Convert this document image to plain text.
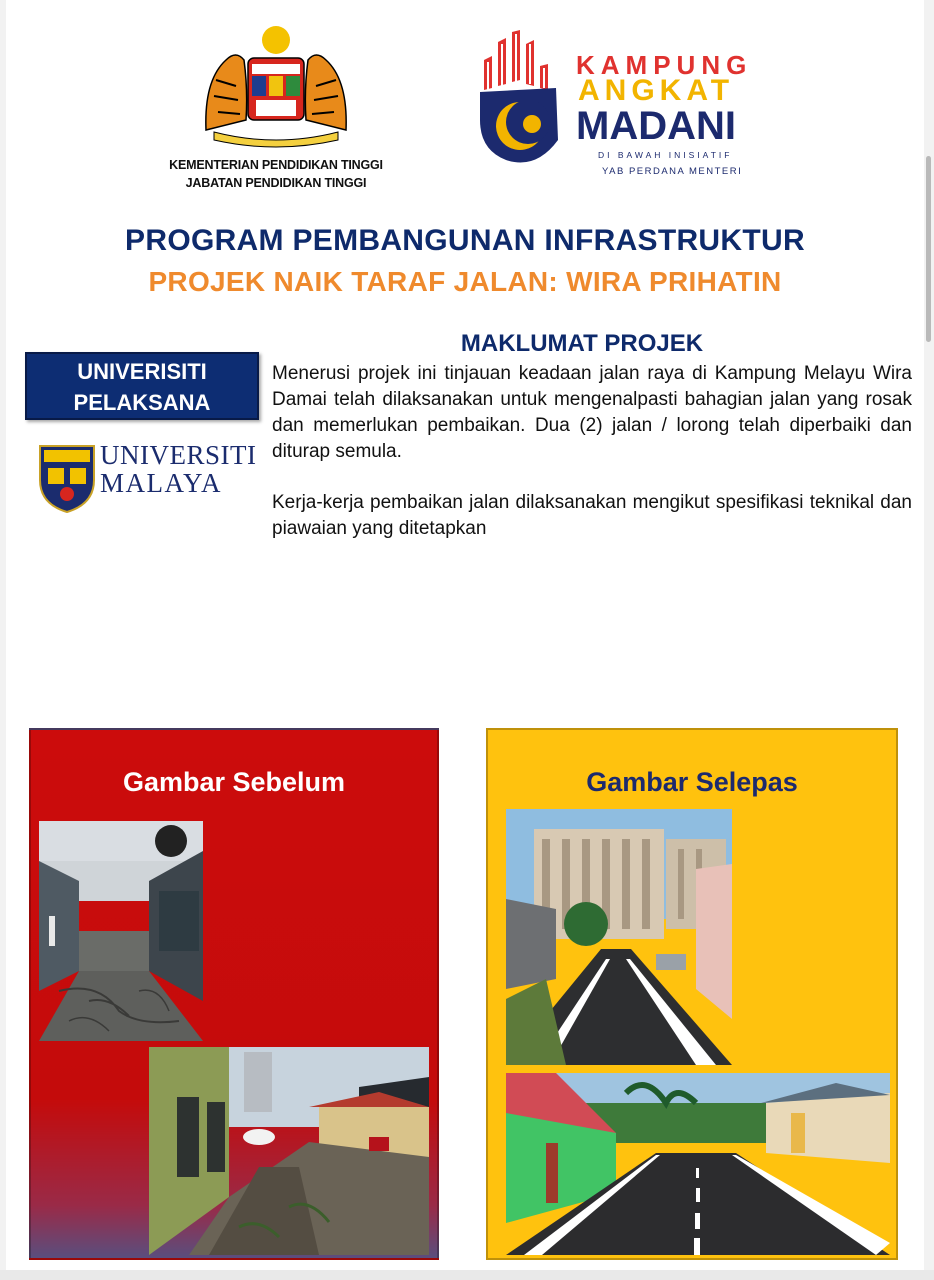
KEMENTERIAN PENDIDIKAN TINGGI
JABATAN PENDIDIKAN TINGGI
KAMPUNG
ANGKAT
MADANI
DI BAWAH INISIATIF
YAB PERDANA MENTERI
PROGRAM PEMBANGUNAN INFRASTRUKTUR
PROJEK NAIK TARAF JALAN: WIRA PRIHATIN
UNIVERISITI
PELAKSANA
UNIVERSITI
MALAYA
MAKLUMAT PROJEK
Menerusi projek ini tinjauan keadaan jalan raya di Kampung Melayu Wira Damai telah dilaksanakan untuk mengenalpasti bahagian jalan yang rosak dan memerlukan pembaikan. Dua (2) jalan / lorong telah diperbaiki dan diturap semula.
Kerja-kerja pembaikan jalan dilaksanakan mengikut spesifikasi teknikal dan piawaian yang ditetapkan
Gambar Sebelum	Gambar Selepas
